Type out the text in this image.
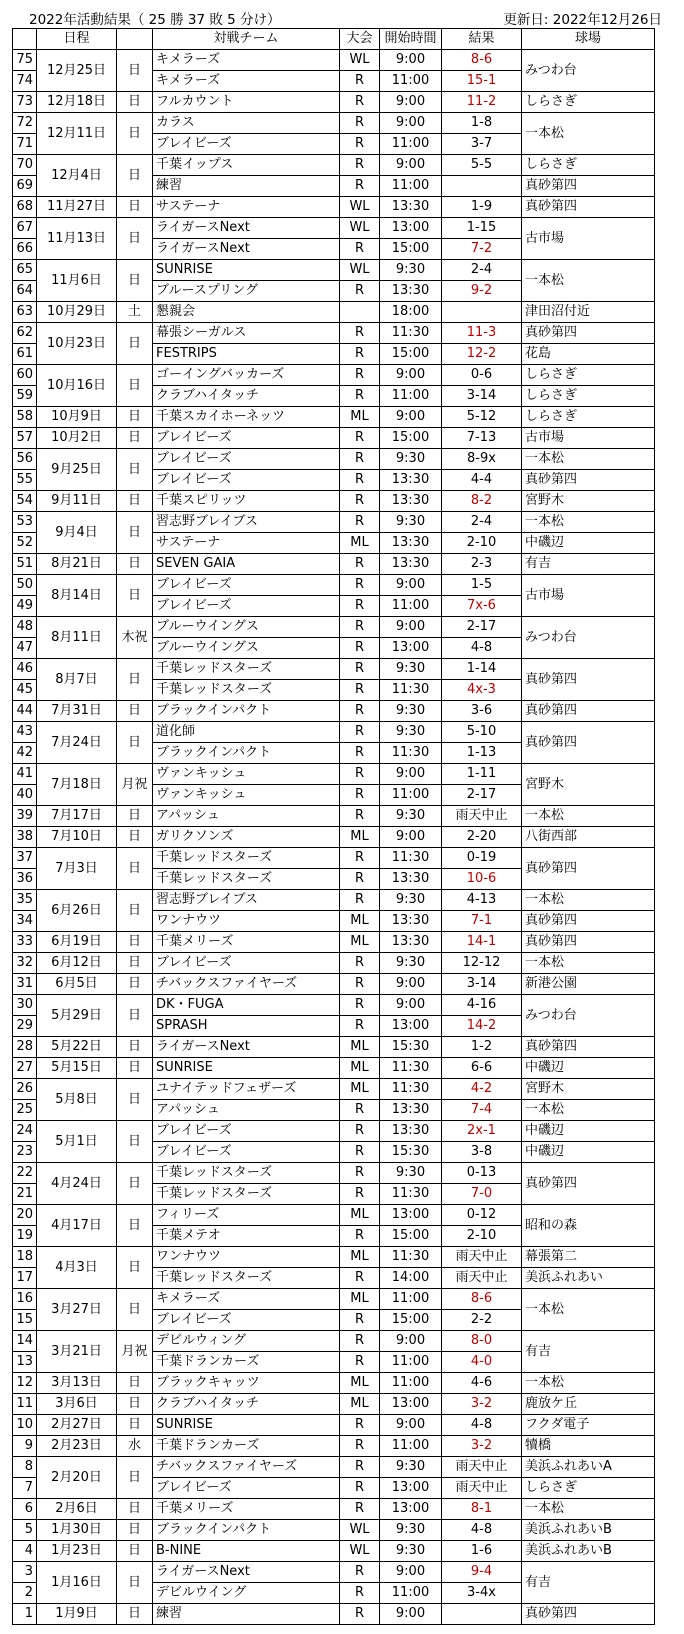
2022年活動結果（ 25 勝 37 敗 5 分け）	更新日: 2022年12月26日
	日程		対戦チーム	大会	開始時間	結果	球場
75	12月25日	日	キメラーズ	WL	9:00	8-6	みつわ台
74			キメラーズ	R	11:00	15-1	
73	12月18日	日	フルカウント	R	9:00	11-2	しらさぎ
72	12月11日	日	カラス	R	9:00	1-8	一本松
71			ブレイビーズ	R	11:00	3-7	
70	12月4日	日	千葉イップス	R	9:00	5-5	しらさぎ
69			練習	R	11:00		真砂第四
68	11月27日	日	サステーナ	WL	13:30	1-9	真砂第四
67	11月13日	日	ライガースNext	WL	13:00	1-15	古市場
66			ライガースNext	R	15:00	7-2	
65	11月6日	日	SUNRISE	WL	9:30	2-4	一本松
64			ブルースプリング	R	13:30	9-2	
63	10月29日	土	懇親会		18:00		津田沼付近
62	10月23日	日	幕張シーガルス	R	11:30	11-3	真砂第四
61			FESTRIPS	R	15:00	12-2	花島
60	10月16日	日	ゴーイングバッカーズ	R	9:00	0-6	しらさぎ
59			クラブハイタッチ	R	11:00	3-14	しらさぎ
58	10月9日	日	千葉スカイホーネッツ	ML	9:00	5-12	しらさぎ
57	10月2日	日	ブレイビーズ	R	15:00	7-13	古市場
56	9月25日	日	ブレイビーズ	R	9:30	8-9x	一本松
55			ブレイビーズ	R	13:30	4-4	真砂第四
54	9月11日	日	千葉スピリッツ	R	13:30	8-2	宮野木
53	9月4日	日	習志野ブレイブス	R	9:30	2-4	一本松
52			サステーナ	ML	13:30	2-10	中磯辺
51	8月21日	日	SEVEN GAIA	R	13:30	2-3	有吉
50	8月14日	日	ブレイビーズ	R	9:00	1-5	古市場
49			ブレイビーズ	R	11:00	7x-6	
48	8月11日	木祝	ブルーウイングス	R	9:00	2-17	みつわ台
47			ブルーウイングス	R	13:00	4-8	
46	8月7日	日	千葉レッドスターズ	R	9:30	1-14	真砂第四
45			千葉レッドスターズ	R	11:30	4x-3	
44	7月31日	日	ブラックインパクト	R	9:30	3-6	真砂第四
43	7月24日	日	道化師	R	9:30	5-10	真砂第四
42			ブラックインパクト	R	11:30	1-13	
41	7月18日	月祝	ヴァンキッシュ	R	9:00	1-11	宮野木
40			ヴァンキッシュ	R	11:00	2-17	
39	7月17日	日	アパッシュ	R	9:30	雨天中止	一本松
38	7月10日	日	ガリクソンズ	ML	9:00	2-20	八街西部
37	7月3日	日	千葉レッドスターズ	R	11:30	0-19	真砂第四
36			千葉レッドスターズ	R	13:30	10-6	
35	6月26日	日	習志野ブレイブス	R	9:30	4-13	一本松
34			ワンナウツ	ML	13:30	7-1	真砂第四
33	6月19日	日	千葉メリーズ	ML	13:30	14-1	真砂第四
32	6月12日	日	ブレイビーズ	R	9:30	12-12	一本松
31	6月5日	日	チバックスファイヤーズ	R	9:00	3-14	新港公園
30	5月29日	日	DK・FUGA	R	9:00	4-16	みつわ台
29			SPRASH	R	13:00	14-2	
28	5月22日	日	ライガースNext	ML	15:30	1-2	真砂第四
27	5月15日	日	SUNRISE	ML	11:30	6-6	中磯辺
26	5月8日	日	ユナイテッドフェザーズ	ML	11:30	4-2	宮野木
25			アパッシュ	R	13:30	7-4	一本松
24	5月1日	日	ブレイビーズ	R	13:30	2x-1	中磯辺
23			ブレイビーズ	R	15:30	3-8	中磯辺
22	4月24日	日	千葉レッドスターズ	R	9:30	0-13	真砂第四
21			千葉レッドスターズ	R	11:30	7-0	
20	4月17日	日	フィリーズ	ML	13:00	0-12	昭和の森
19			千葉メテオ	R	15:00	2-10	
18	4月3日	日	ワンナウツ	ML	11:30	雨天中止	幕張第二
17			千葉レッドスターズ	R	14:00	雨天中止	美浜ふれあい
16	3月27日	日	キメラーズ	ML	11:00	8-6	一本松
15			ブレイビーズ	R	15:00	2-2	
14	3月21日	月祝	デビルウィング	R	9:00	8-0	有吉
13			千葉ドランカーズ	R	11:00	4-0	
12	3月13日	日	ブラックキャッツ	ML	11:00	4-6	一本松
11	3月6日	日	クラブハイタッチ	ML	13:00	3-2	鹿放ケ丘
10	2月27日	日	SUNRISE	R	9:00	4-8	フクダ電子
9	2月23日	水	千葉ドランカーズ	R	11:00	3-2	犢橋
8	2月20日	日	チバックスファイヤーズ	R	9:30	雨天中止	美浜ふれあいA
7			ブレイビーズ	R	13:00	雨天中止	しらさぎ
6	2月6日	日	千葉メリーズ	R	13:00	8-1	一本松
5	1月30日	日	ブラックインパクト	WL	9:30	4-8	美浜ふれあいB
4	1月23日	日	B-NINE	WL	9:30	1-6	美浜ふれあいB
3	1月16日	日	ライガースNext	R	9:00	9-4	有吉
2			デビルウイング	R	11:00	3-4x	
1	1月9日	日	練習	R	9:00		真砂第四
